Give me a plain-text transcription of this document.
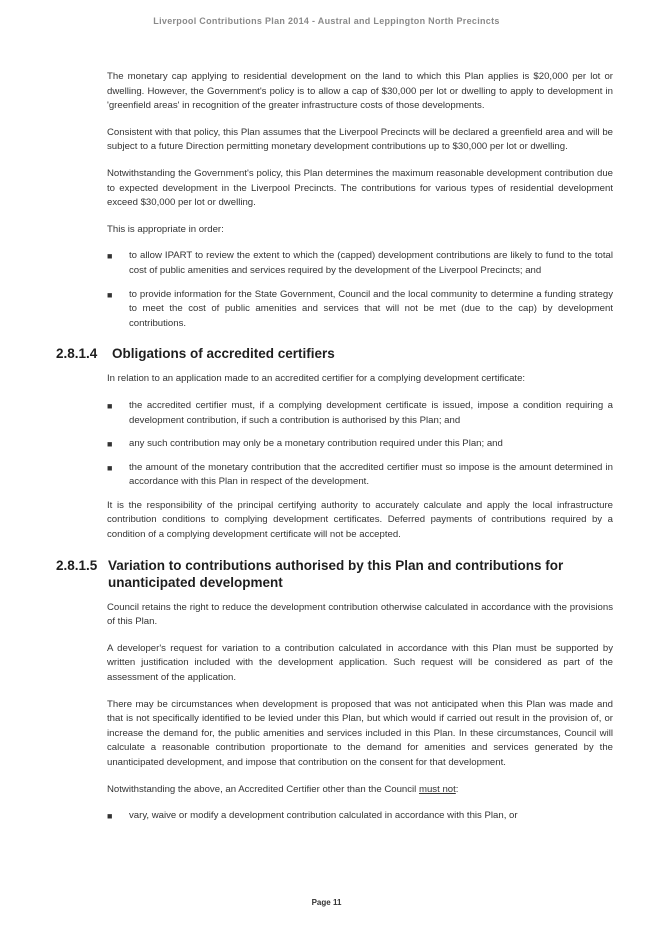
Liverpool Contributions Plan 2014 - Austral and Leppington North Precincts

The monetary cap applying to residential development on the land to which this Plan applies is $20,000 per lot or dwelling. However, the Government's policy is to allow a cap of $30,000 per lot or dwelling to apply to development in 'greenfield areas' in recognition of the greater infrastructure costs of those developments.

Consistent with that policy, this Plan assumes that the Liverpool Precincts will be declared a greenfield area and will be subject to a future Direction permitting monetary development contributions up to $30,000 per lot or dwelling.

Notwithstanding the Government's policy, this Plan determines the maximum reasonable development contribution due to expected development in the Liverpool Precincts. The contributions for various types of residential development exceed $30,000 per lot or dwelling.

This is appropriate in order:

■ to allow IPART to review the extent to which the (capped) development contributions are likely to fund to the total cost of public amenities and services required by the development of the Liverpool Precincts; and
■ to provide information for the State Government, Council and the local community to determine a funding strategy to meet the cost of public amenities and services that will not be met (due to the cap) by development contributions.
2.8.1.4	Obligations of accredited certifiers

In relation to an application made to an accredited certifier for a complying development certificate:

■ the accredited certifier must, if a complying development certificate is issued, impose a condition requiring a development contribution, if such a contribution is authorised by this Plan; and
■ any such contribution may only be a monetary contribution required under this Plan; and
■ the amount of the monetary contribution that the accredited certifier must so impose is the amount determined in accordance with this Plan in respect of the development.

It is the responsibility of the principal certifying authority to accurately calculate and apply the local infrastructure contribution conditions to complying development certificates. Deferred payments of contributions required by a condition of a complying development certificate will not be accepted.

2.8.1.5 Variation to contributions authorised by this Plan and contributions for unanticipated development

Council retains the right to reduce the development contribution otherwise calculated in accordance with the provisions of this Plan.

A developer's request for variation to a contribution calculated in accordance with this Plan must be supported by written justification included with the development application. Such request will be considered as part of the assessment of the application.

There may be circumstances when development is proposed that was not anticipated when this Plan was made and that is not specifically identified to be levied under this Plan, but which would if carried out result in the provision of, or increase the demand for, the public amenities and services included in this Plan. In these circumstances, Council will calculate a reasonable contribution proportionate to the demand for amenities and services generated by the unanticipated development, and impose that contribution on the consent for that development.

Notwithstanding the above, an Accredited Certifier other than the Council must not:

■ vary, waive or modify a development contribution calculated in accordance with this Plan, or
Page 11
